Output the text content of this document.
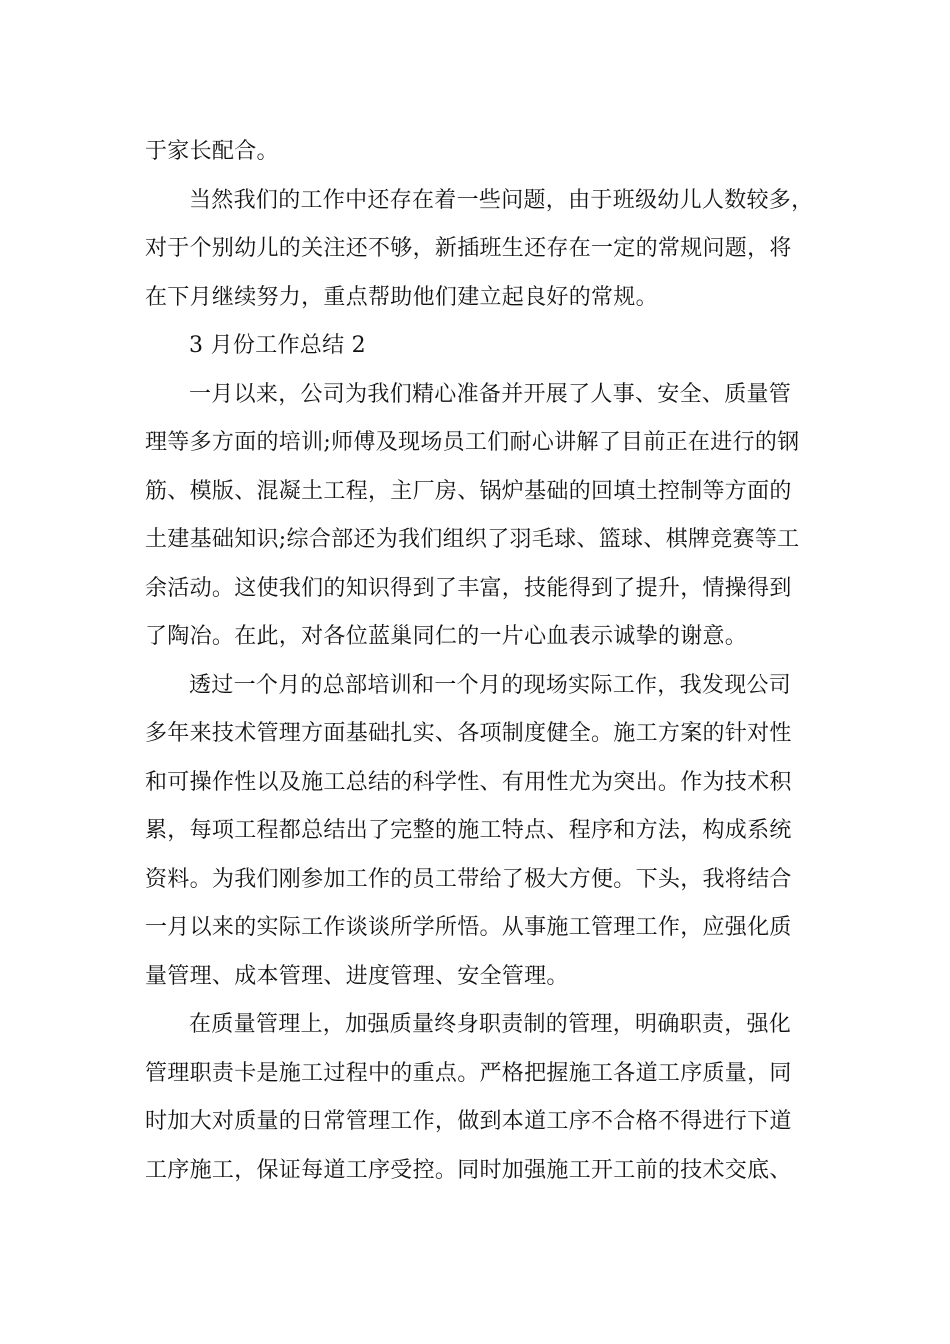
于家长配合。
当然我们的工作中还存在着一些问题，由于班级幼儿人数较多，
对于个别幼儿的关注还不够，新插班生还存在一定的常规问题，将
在下月继续努力，重点帮助他们建立起良好的常规。
3 月份工作总结 2
一月以来，公司为我们精心准备并开展了人事、安全、质量管
理等多方面的培训;师傅及现场员工们耐心讲解了目前正在进行的钢
筋、模版、混凝土工程，主厂房、锅炉基础的回填土控制等方面的
土建基础知识;综合部还为我们组织了羽毛球、篮球、棋牌竞赛等工
余活动。这使我们的知识得到了丰富，技能得到了提升，情操得到
了陶冶。在此，对各位蓝巢同仁的一片心血表示诚挚的谢意。
透过一个月的总部培训和一个月的现场实际工作，我发现公司
多年来技术管理方面基础扎实、各项制度健全。施工方案的针对性
和可操作性以及施工总结的科学性、有用性尤为突出。作为技术积
累，每项工程都总结出了完整的施工特点、程序和方法，构成系统
资料。为我们刚参加工作的员工带给了极大方便。下头，我将结合
一月以来的实际工作谈谈所学所悟。从事施工管理工作，应强化质
量管理、成本管理、进度管理、安全管理。
在质量管理上，加强质量终身职责制的管理，明确职责，强化
管理职责卡是施工过程中的重点。严格把握施工各道工序质量，同
时加大对质量的日常管理工作，做到本道工序不合格不得进行下道
工序施工，保证每道工序受控。同时加强施工开工前的技术交底、
